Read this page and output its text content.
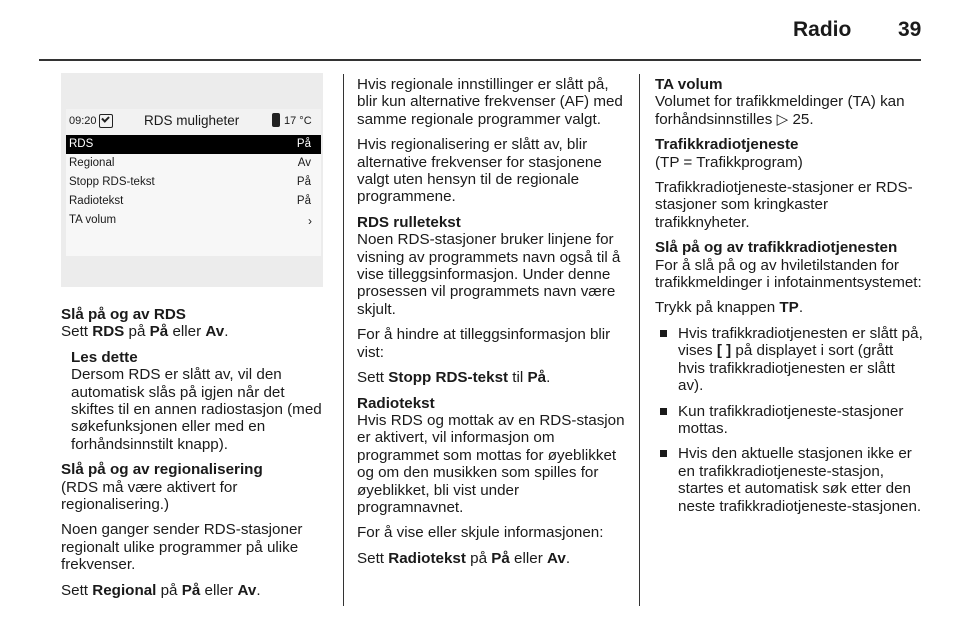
Radio 39
09:20	RDS muligheter	17 °C
RDS	På
Regional	Av
Stopp RDS-tekst	På
Radiotekst	På
TA volum	›
Slå på og av RDS

Sett RDS på På eller Av.

Les dette

Dersom RDS er slått av, vil den automatisk slås på igjen når det skiftes til en annen radiostasjon (med søkefunksjonen eller med en forhåndsinnstilt knapp).

Slå på og av regionalisering

(RDS må være aktivert for regionalisering.)

Noen ganger sender RDS-stasjoner regionalt ulike programmer på ulike frekvenser.

Sett Regional på På eller Av.

Hvis regionale innstillinger er slått på, blir kun alternative frekvenser (AF) med samme regionale programmer valgt.

Hvis regionalisering er slått av, blir alternative frekvenser for stasjonene valgt uten hensyn til de regionale programmene.

RDS rulletekst

Noen RDS-stasjoner bruker linjene for visning av programmets navn også til å vise tilleggsinformasjon. Under denne prosessen vil programmets navn være skjult.

For å hindre at tilleggsinformasjon blir vist:

Sett Stopp RDS-tekst til På.

Radiotekst

Hvis RDS og mottak av en RDS-stasjon er aktivert, vil informasjon om programmet som mottas for øyeblikket og om den musikken som spilles for øyeblikket, bli vist under programnavnet.

For å vise eller skjule informasjonen:

Sett Radiotekst på På eller Av.

TA volum

Volumet for trafikkmeldinger (TA) kan forhåndsinnstilles ▷ 25.

Trafikkradiotjeneste

(TP = Trafikkprogram)

Trafikkradiotjeneste-stasjoner er RDS-stasjoner som kringkaster trafikknyheter.

Slå på og av trafikkradiotjenesten

For å slå på og av hviletilstanden for trafikkmeldinger i infotainmentsystemet:

Trykk på knappen TP.

Hvis trafikkradiotjenesten er slått på, vises [ ] på displayet i sort (grått hvis trafikkradiotjenesten er slått av).
Kun trafikkradiotjeneste-stasjoner mottas.
Hvis den aktuelle stasjonen ikke er en trafikkradiotjeneste-stasjon, startes et automatisk søk etter den neste trafikkradiotjeneste-stasjonen.
